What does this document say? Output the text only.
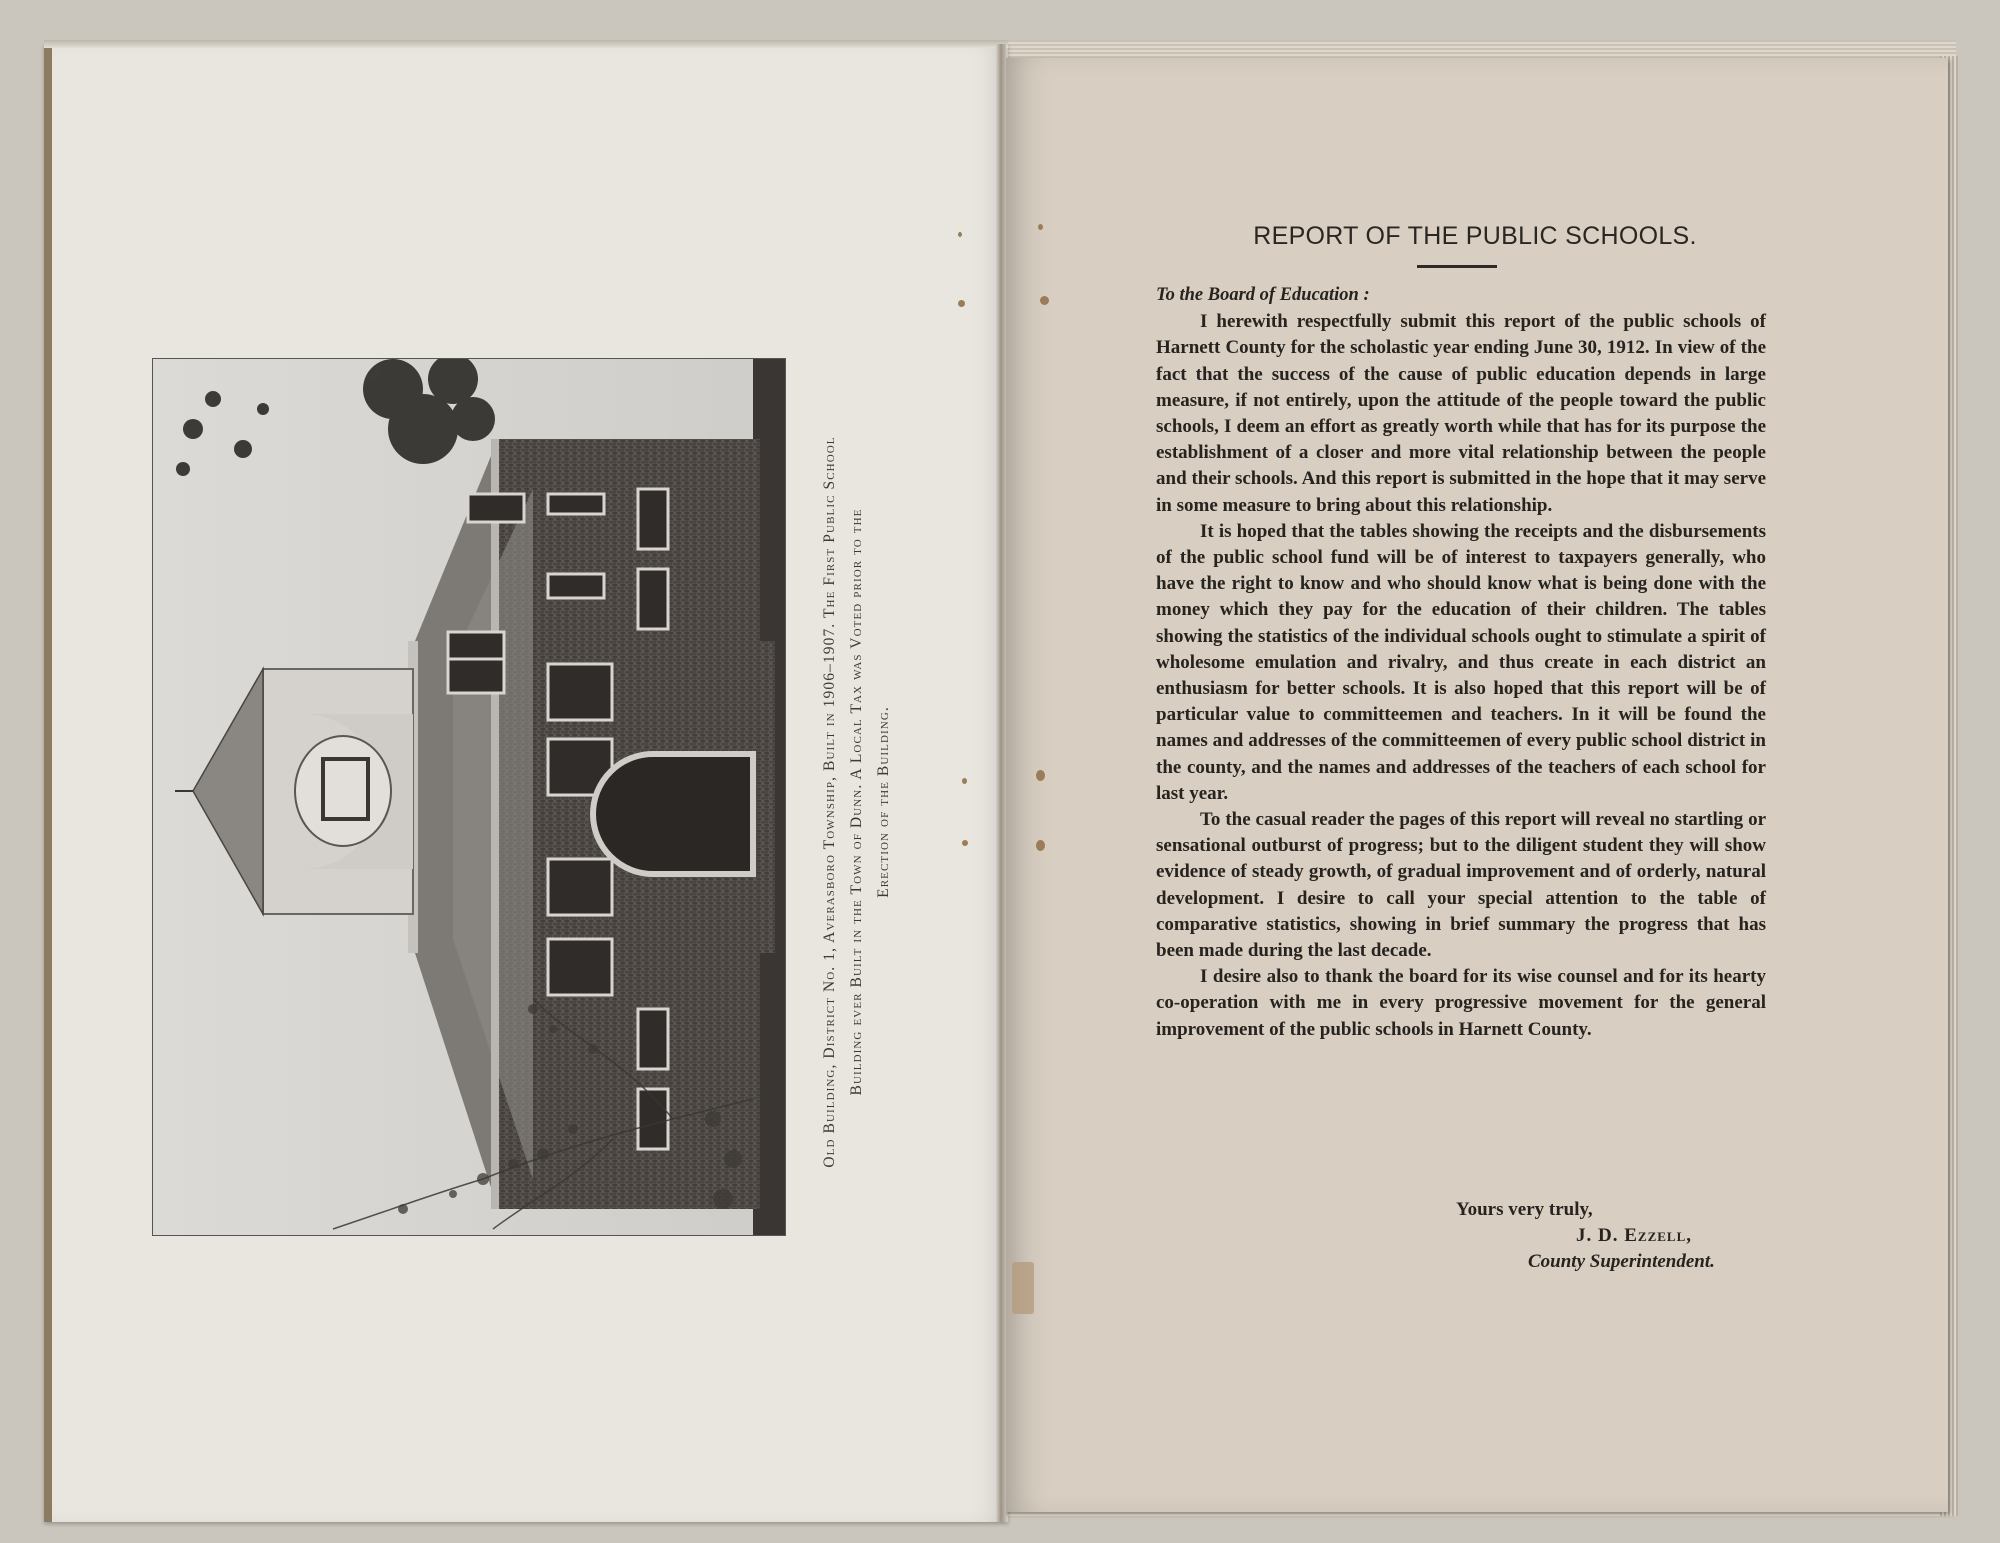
Old Building, District No. 1, Averasboro Township, Built in 1906–1907. The First Public School Building ever Built in the Town of Dunn. A Local Tax was Voted prior to the Erection of the Building.
REPORT OF THE PUBLIC SCHOOLS.
To the Board of Education :

I herewith respectfully submit this report of the public schools of Harnett County for the scholastic year ending June 30, 1912. In view of the fact that the success of the cause of public education depends in large measure, if not entirely, upon the attitude of the people toward the public schools, I deem an effort as greatly worth while that has for its purpose the establishment of a closer and more vital relationship between the people and their schools. And this report is submitted in the hope that it may serve in some measure to bring about this relationship.

It is hoped that the tables showing the receipts and the disbursements of the public school fund will be of interest to taxpayers generally, who have the right to know and who should know what is being done with the money which they pay for the education of their children. The tables showing the statistics of the individual schools ought to stimulate a spirit of wholesome emulation and rivalry, and thus create in each district an enthusiasm for better schools. It is also hoped that this report will be of particular value to committeemen and teachers. In it will be found the names and addresses of the committeemen of every public school district in the county, and the names and addresses of the teachers of each school for last year.

To the casual reader the pages of this report will reveal no startling or sensational outburst of progress; but to the diligent student they will show evidence of steady growth, of gradual improvement and of orderly, natural development. I desire to call your special attention to the table of comparative statistics, showing in brief summary the progress that has been made during the last decade.

I desire also to thank the board for its wise counsel and for its hearty co-operation with me in every progressive movement for the general improvement of the public schools in Harnett County.

Yours very truly,
J. D. Ezzell,
County Superintendent.
